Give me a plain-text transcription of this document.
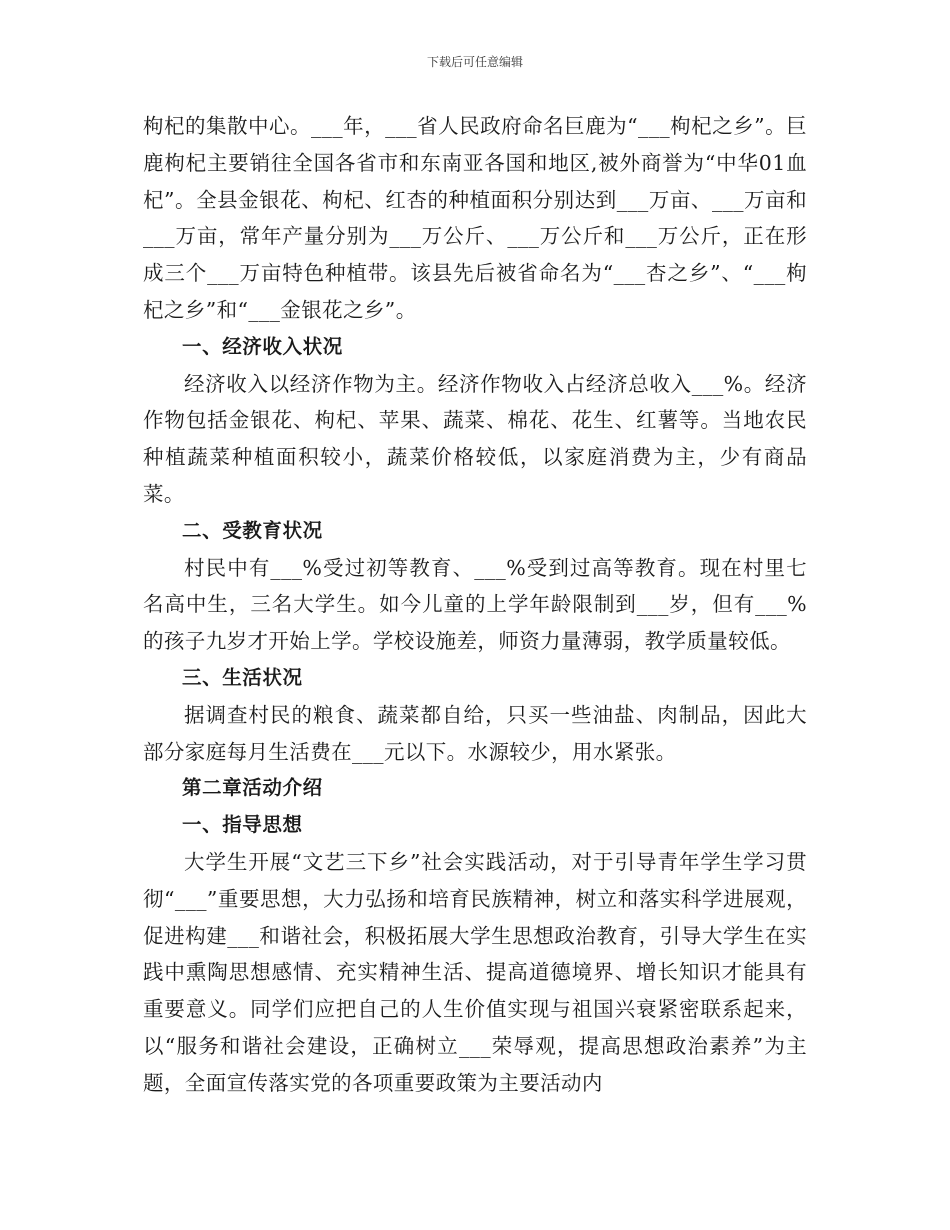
下载后可任意编辑

枸杞的集散中心。___年，___省人民政府命名巨鹿为“___枸杞之乡”。巨鹿枸杞主要销往全国各省市和东南亚各国和地区,被外商誉为“中华01血杞”。全县金银花、枸杞、红杏的种植面积分别达到___万亩、___万亩和___万亩，常年产量分别为___万公斤、___万公斤和___万公斤，正在形成三个___万亩特色种植带。该县先后被省命名为“___杏之乡”、“___枸杞之乡”和“___金银花之乡”。

一、经济收入状况

经济收入以经济作物为主。经济作物收入占经济总收入___%。经济作物包括金银花、枸杞、苹果、蔬菜、棉花、花生、红薯等。当地农民种植蔬菜种植面积较小，蔬菜价格较低，以家庭消费为主，少有商品菜。

二、受教育状况

村民中有___%受过初等教育、___%受到过高等教育。现在村里七名高中生，三名大学生。如今儿童的上学年龄限制到___岁，但有___%的孩子九岁才开始上学。学校设施差，师资力量薄弱，教学质量较低。

三、生活状况

据调查村民的粮食、蔬菜都自给，只买一些油盐、肉制品，因此大部分家庭每月生活费在___元以下。水源较少，用水紧张。

第二章活动介绍

一、指导思想

大学生开展“文艺三下乡”社会实践活动，对于引导青年学生学习贯彻“___”重要思想，大力弘扬和培育民族精神，树立和落实科学进展观，促进构建___和谐社会，积极拓展大学生思想政治教育，引导大学生在实践中熏陶思想感情、充实精神生活、提高道德境界、增长知识才能具有重要意义。同学们应把自己的人生价值实现与祖国兴衰紧密联系起来，以“服务和谐社会建设，正确树立___荣辱观，提高思想政治素养”为主题，全面宣传落实党的各项重要政策为主要活动内
